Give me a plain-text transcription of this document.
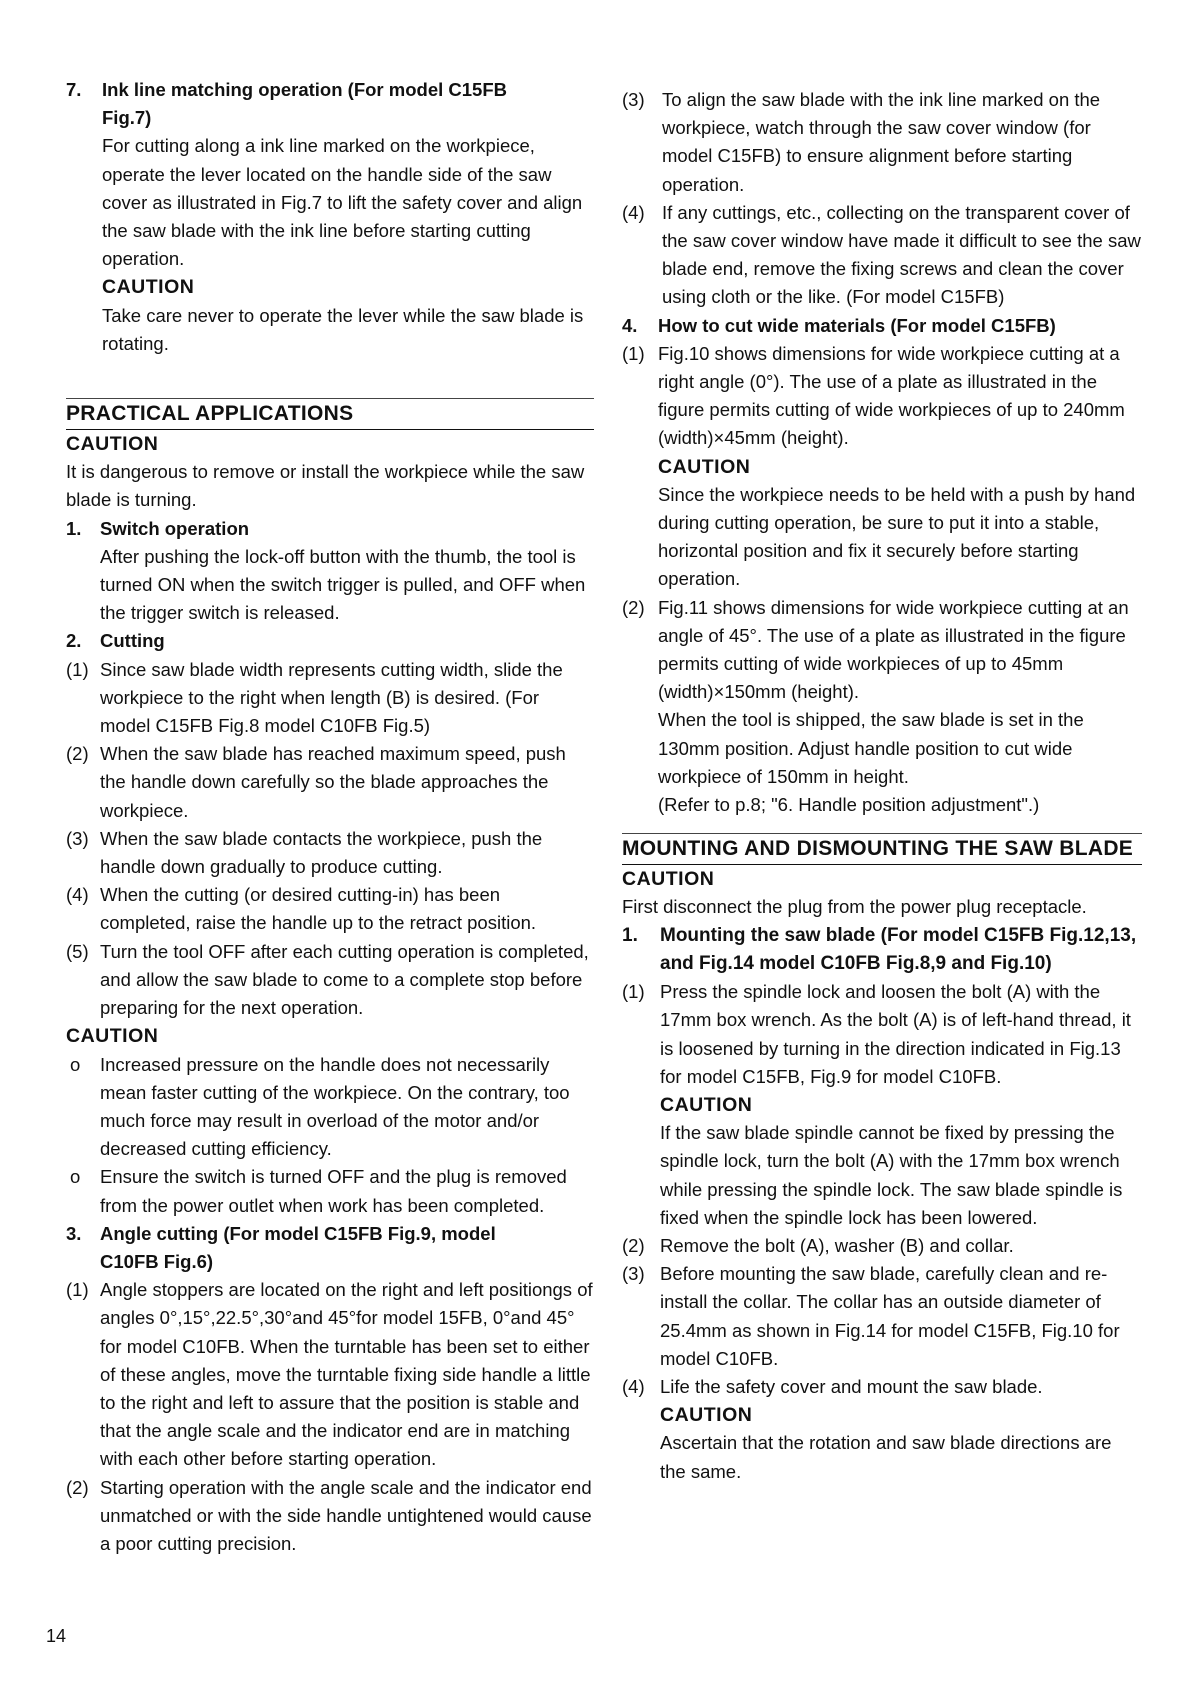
7. Ink line matching operation (For model C15FB
Fig.7)
For cutting along a ink line marked on the workpiece, operate the lever located on the handle side of the saw cover as illustrated in Fig.7 to lift the safety cover and align the saw blade with the ink line before starting cutting operation.
CAUTION
Take care never to operate the lever while the saw blade is rotating.
PRACTICAL APPLICATIONS
CAUTION
It is dangerous to remove or install the workpiece while the saw blade is turning.
1. Switch operation
After pushing the lock-off button with the thumb, the tool is turned ON when the switch trigger is pulled, and OFF when the trigger switch is released.
2. Cutting
(1) Since saw blade width represents cutting width, slide the workpiece to the right when length (B) is desired. (For model C15FB Fig.8 model C10FB Fig.5)
(2) When the saw blade has reached maximum speed, push the handle down carefully so the blade approaches the workpiece.
(3) When the saw blade contacts the workpiece, push the handle down gradually to produce cutting.
(4) When the cutting (or desired cutting-in) has been completed, raise the handle up to the retract position.
(5) Turn the tool OFF after each cutting operation is completed, and allow the saw blade to come to a complete stop before preparing for the next operation.
CAUTION
o Increased pressure on the handle does not necessarily mean faster cutting of the workpiece. On the contrary, too much force may result in overload of the motor and/or decreased cutting efficiency.
o Ensure the switch is turned OFF and the plug is removed from the power outlet when work has been completed.
3. Angle cutting (For model C15FB Fig.9, model
C10FB Fig.6)
(1) Angle stoppers are located on the right and left positiongs of angles 0°,15°,22.5°,30°and 45°for model 15FB, 0°and 45° for model C10FB. When the turntable has been set to either of these angles, move the turntable fixing side handle a little to the right and left to assure that the position is stable and that the angle scale and the indicator end are in matching with each other before starting operation.
(2) Starting operation with the angle scale and the indicator end unmatched or with the side handle untightened would cause a poor cutting precision.
(3) To align the saw blade with the ink line marked on the workpiece, watch through the saw cover window (for model C15FB) to ensure alignment before starting operation.
(4) If any cuttings, etc., collecting on the transparent cover of the saw cover window have made it difficult to see the saw blade end, remove the fixing screws and clean the cover using cloth or the like. (For model C15FB)
4. How to cut wide materials (For model C15FB)
(1) Fig.10 shows dimensions for wide workpiece cutting at a right angle (0°). The use of a plate as illustrated in the figure permits cutting of wide workpieces of up to 240mm (width)×45mm (height).
CAUTION
Since the workpiece needs to be held with a push by hand during cutting operation, be sure to put it into a stable, horizontal position and fix it securely before starting operation.
(2) Fig.11 shows dimensions for wide workpiece cutting at an angle of 45°. The use of a plate as illustrated in the figure permits cutting of wide workpieces of up to 45mm (width)×150mm (height).
When the tool is shipped, the saw blade is set in the 130mm position. Adjust handle position to cut wide workpiece of 150mm in height.
(Refer to p.8; "6. Handle position adjustment".)
MOUNTING AND DISMOUNTING THE SAW BLADE
CAUTION
First disconnect the plug from the power plug receptacle.
1. Mounting the saw blade (For model C15FB Fig.12,13, and Fig.14 model C10FB Fig.8,9 and Fig.10)
(1) Press the spindle lock and loosen the bolt (A) with the 17mm box wrench. As the bolt (A) is of left-hand thread, it is loosened by turning in the direction indicated in Fig.13 for model C15FB, Fig.9 for model C10FB.
CAUTION
If the saw blade spindle cannot be fixed by pressing the spindle lock, turn the bolt (A) with the 17mm box wrench while pressing the spindle lock. The saw blade spindle is fixed when the spindle lock has been lowered.
(2) Remove the bolt (A), washer (B) and collar.
(3) Before mounting the saw blade, carefully clean and re-install the collar. The collar has an outside diameter of 25.4mm as shown in Fig.14 for model C15FB, Fig.10 for model C10FB.
(4) Life the safety cover and mount the saw blade.
CAUTION
Ascertain that the rotation and saw blade directions are the same.
14
